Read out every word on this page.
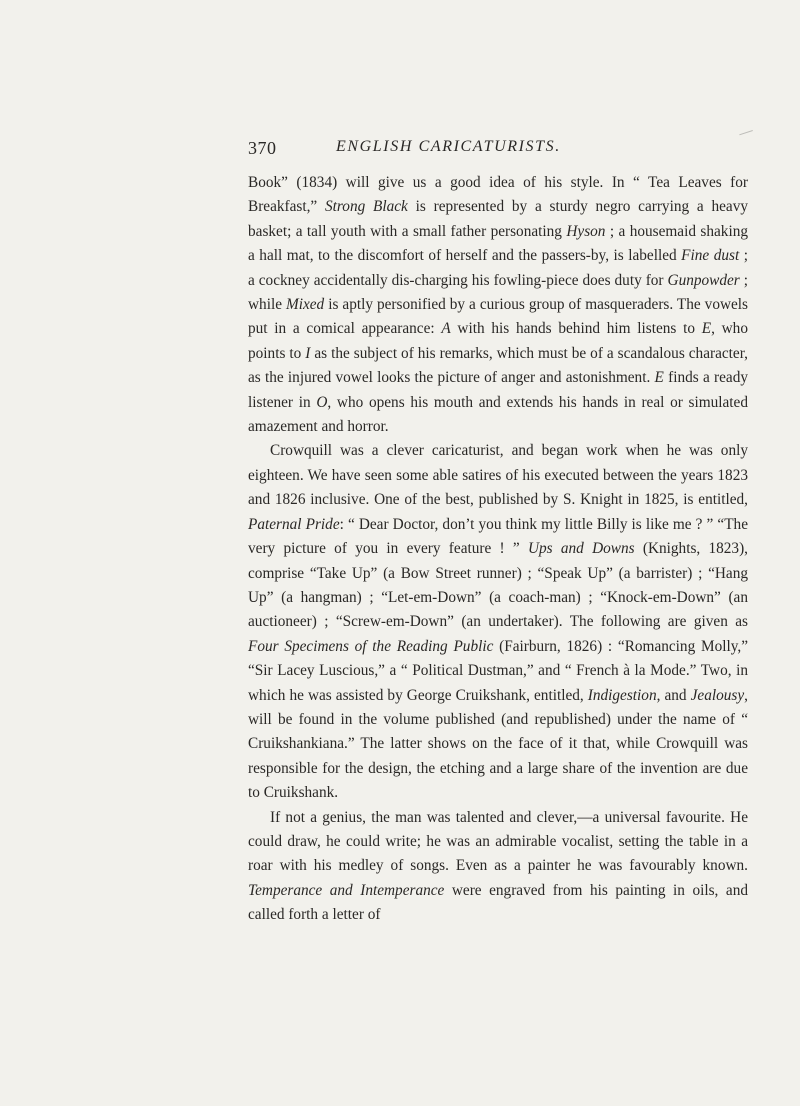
370	ENGLISH CARICATURISTS.

Book” (1834) will give us a good idea of his style. In “ Tea Leaves for Breakfast,” Strong Black is represented by a sturdy negro carrying a heavy basket; a tall youth with a small father personating Hyson ; a housemaid shaking a hall mat, to the discomfort of herself and the passers-by, is labelled Fine dust ; a cockney accidentally dis-charging his fowling-piece does duty for Gunpowder ; while Mixed is aptly personified by a curious group of masqueraders. The vowels put in a comical appearance: A with his hands behind him listens to E, who points to I as the subject of his remarks, which must be of a scandalous character, as the injured vowel looks the picture of anger and astonishment. E finds a ready listener in O, who opens his mouth and extends his hands in real or simulated amazement and horror.

Crowquill was a clever caricaturist, and began work when he was only eighteen. We have seen some able satires of his executed between the years 1823 and 1826 inclusive. One of the best, published by S. Knight in 1825, is entitled, Paternal Pride: “ Dear Doctor, don’t you think my little Billy is like me ? ” “The very picture of you in every feature ! ” Ups and Downs (Knights, 1823), comprise “Take Up” (a Bow Street runner) ; “Speak Up” (a barrister) ; “Hang Up” (a hangman) ; “Let-em-Down” (a coach-man) ; “Knock-em-Down” (an auctioneer) ; “Screw-em-Down” (an undertaker). The following are given as Four Specimens of the Reading Public (Fairburn, 1826) : “Romancing Molly,” “Sir Lacey Luscious,” a “ Political Dustman,” and “ French à la Mode.” Two, in which he was assisted by George Cruikshank, entitled, Indigestion, and Jealousy, will be found in the volume published (and republished) under the name of “ Cruikshankiana.” The latter shows on the face of it that, while Crowquill was responsible for the design, the etching and a large share of the invention are due to Cruikshank.

If not a genius, the man was talented and clever,—a universal favourite. He could draw, he could write; he was an admirable vocalist, setting the table in a roar with his medley of songs. Even as a painter he was favourably known. Temperance and Intemperance were engraved from his painting in oils, and called forth a letter of
